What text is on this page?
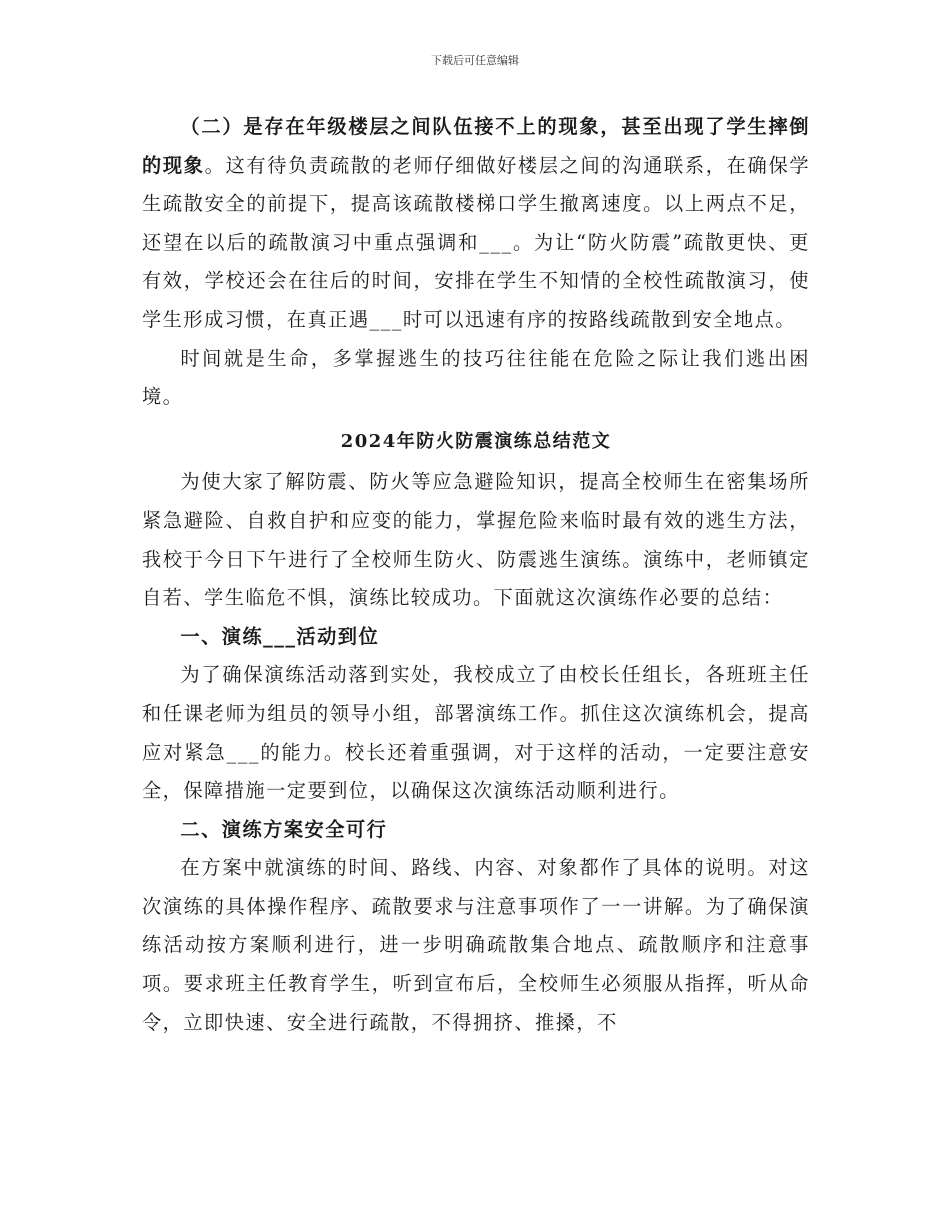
下载后可任意编辑

（二）是存在年级楼层之间队伍接不上的现象，甚至出现了学生摔倒的现象。这有待负责疏散的老师仔细做好楼层之间的沟通联系，在确保学生疏散安全的前提下，提高该疏散楼梯口学生撤离速度。以上两点不足，还望在以后的疏散演习中重点强调和___。为让“防火防震”疏散更快、更有效，学校还会在往后的时间，安排在学生不知情的全校性疏散演习，使学生形成习惯，在真正遇___时可以迅速有序的按路线疏散到安全地点。

时间就是生命，多掌握逃生的技巧往往能在危险之际让我们逃出困境。

2024年防火防震演练总结范文

为使大家了解防震、防火等应急避险知识，提高全校师生在密集场所紧急避险、自救自护和应变的能力，掌握危险来临时最有效的逃生方法，我校于今日下午进行了全校师生防火、防震逃生演练。演练中，老师镇定自若、学生临危不惧，演练比较成功。下面就这次演练作必要的总结：

一、演练___活动到位

为了确保演练活动落到实处，我校成立了由校长任组长，各班班主任和任课老师为组员的领导小组，部署演练工作。抓住这次演练机会，提高应对紧急___的能力。校长还着重强调，对于这样的活动，一定要注意安全，保障措施一定要到位，以确保这次演练活动顺利进行。

二、演练方案安全可行

在方案中就演练的时间、路线、内容、对象都作了具体的说明。对这次演练的具体操作程序、疏散要求与注意事项作了一一讲解。为了确保演练活动按方案顺利进行，进一步明确疏散集合地点、疏散顺序和注意事项。要求班主任教育学生，听到宣布后，全校师生必须服从指挥，听从命令，立即快速、安全进行疏散，不得拥挤、推搡，不
